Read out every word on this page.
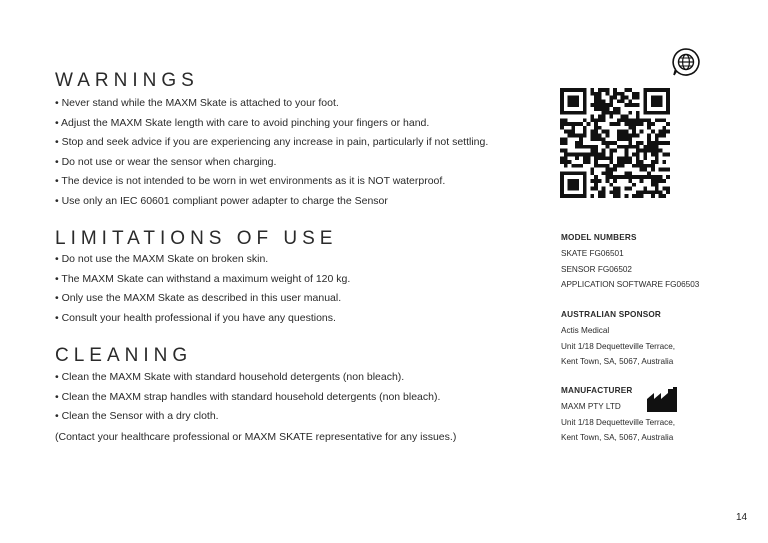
WARNINGS
• Never stand while the MAXM Skate is attached to your foot.
• Adjust the MAXM Skate length with care to avoid pinching your fingers or hand.
• Stop and seek advice if you are experiencing any increase in pain, particularly if not settling.
• Do not use or wear the sensor when charging.
• The device is not intended to be worn in wet environments as it is NOT waterproof.
• Use only an IEC 60601 compliant power adapter to charge the Sensor
LIMITATIONS OF USE
• Do not use the MAXM Skate on broken skin.
• The MAXM Skate can withstand a maximum weight of 120 kg.
• Only use the MAXM Skate as described in this user manual.
• Consult your health professional if you have any questions.
CLEANING
• Clean the MAXM Skate with standard household detergents (non bleach).
• Clean the MAXM strap handles with standard household detergents (non bleach).
• Clean the Sensor with a dry cloth.
(Contact your healthcare professional or MAXM SKATE representative for any issues.)
MODEL NUMBERS
SKATE FG06501
SENSOR FG06502
APPLICATION SOFTWARE FG06503
AUSTRALIAN SPONSOR
Actis Medical
Unit 1/18 Dequetteville Terrace,
Kent Town, SA, 5067, Australia
MANUFACTURER
MAXM PTY LTD
Unit 1/18 Dequetteville Terrace,
Kent Town, SA, 5067, Australia
14
